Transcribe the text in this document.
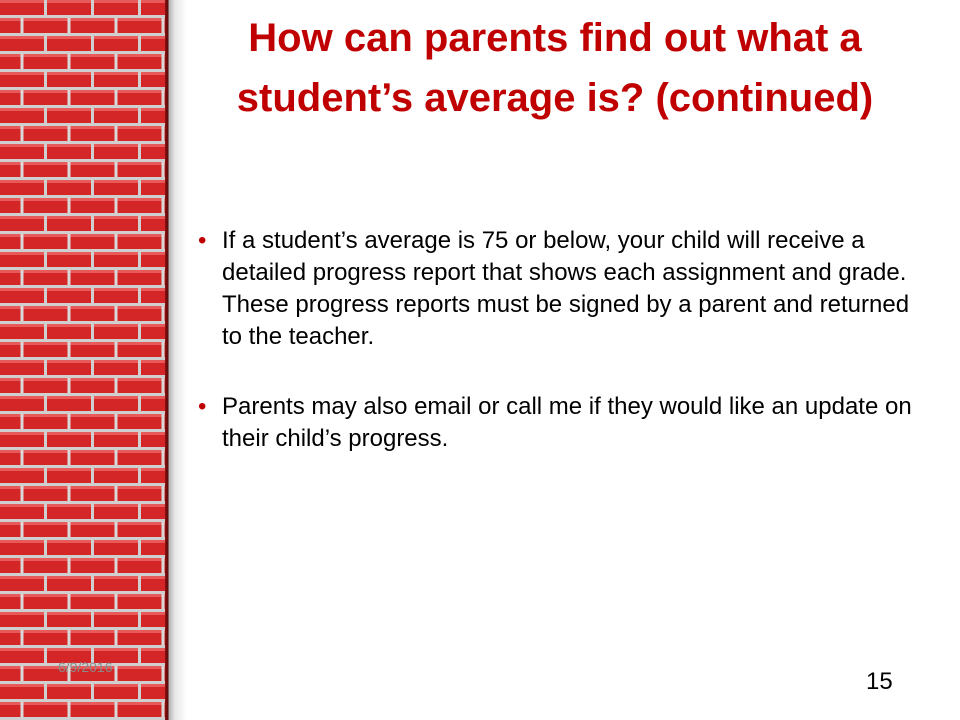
How can parents find out what a student’s average is? (continued)
• If a student’s average is 75 or below, your child will receive a detailed progress report that shows each assignment and grade. These progress reports must be signed by a parent and returned to the teacher.
• Parents may also email or call me if they would like an update on their child’s progress.
6/9/2016
15
